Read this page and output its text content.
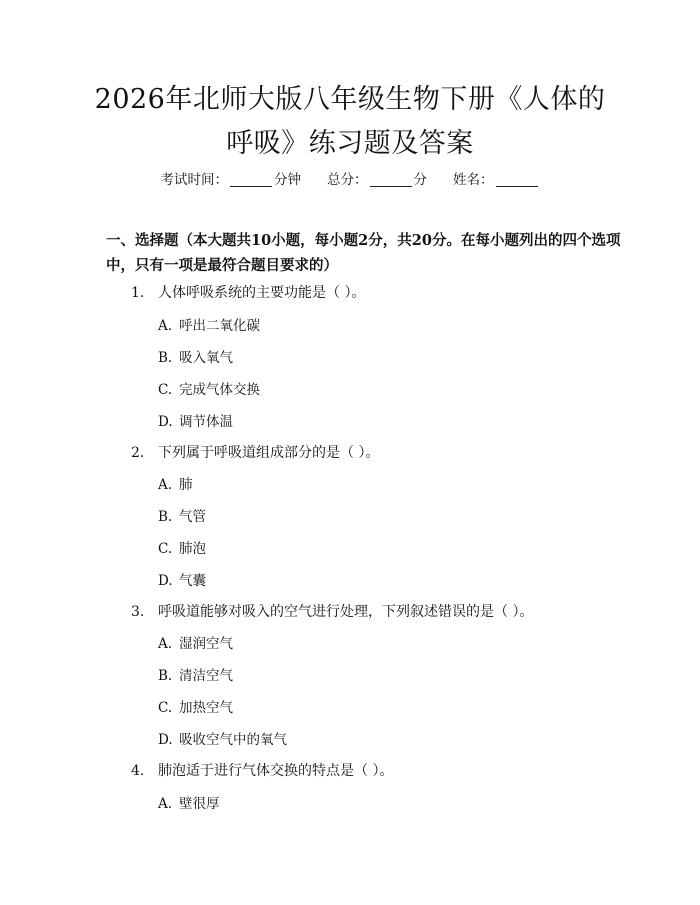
2026年北师大版八年级生物下册《人体的呼吸》练习题及答案
考试时间：	分钟 总分：	分 姓名：

一、选择题（本大题共10小题，每小题2分，共20分。在每小题列出的四个选项中，只有一项是最符合题目要求的）

1. 人体呼吸系统的主要功能是（ ）。
A. 呼出二氧化碳
B. 吸入氧气
C. 完成气体交换
D. 调节体温
2. 下列属于呼吸道组成部分的是（ ）。
A. 肺
B. 气管
C. 肺泡
D. 气囊
3. 呼吸道能够对吸入的空气进行处理，下列叙述错误的是（ ）。
A. 湿润空气
B. 清洁空气
C. 加热空气
D. 吸收空气中的氧气
4. 肺泡适于进行气体交换的特点是（ ）。
A. 壁很厚
